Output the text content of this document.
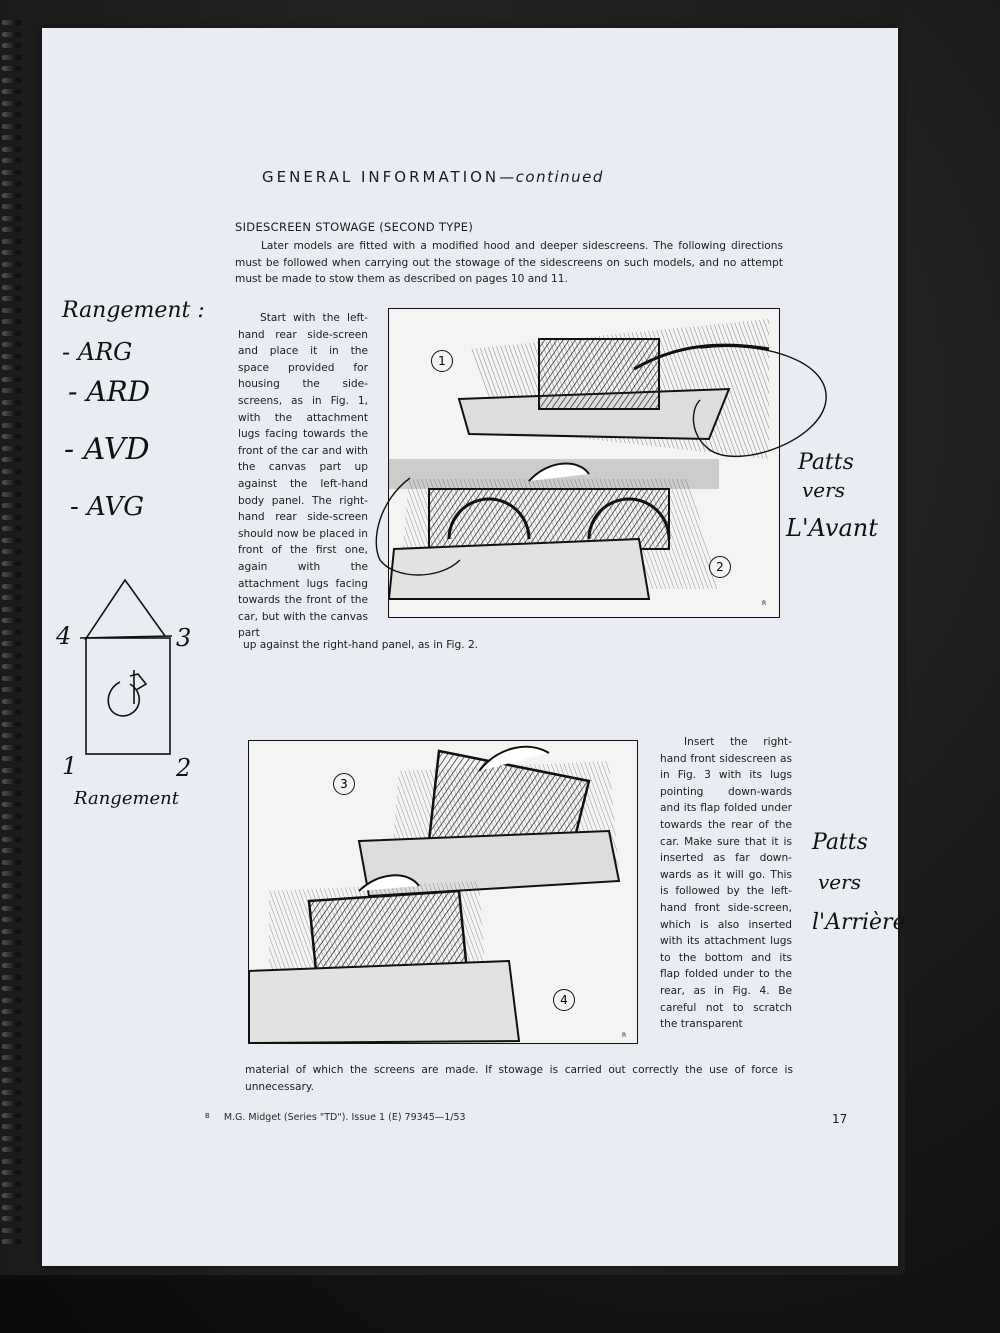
GENERAL INFORMATION—continued
SIDESCREEN STOWAGE (SECOND TYPE)
Later models are fitted with a modified hood and deeper sidescreens. The following directions must be followed when carrying out the stowage of the sidescreens on such models, and no attempt must be made to stow them as described on pages 10 and 11.
Start with the left-hand rear side-screen and place it in the space provided for housing the side-screens, as in Fig. 1, with the attachment lugs facing towards the front of the car and with the canvas part up against the left-hand body panel. The right-hand rear side-screen should now be placed in front of the first one, again with the attachment lugs facing towards the front of the car, but with the canvas part
up against the right-hand panel, as in Fig. 2.
1
2
3
4
R
R
Insert the right-hand front sidescreen as in Fig. 3 with its lugs pointing down-wards and its flap folded under towards the rear of the car. Make sure that it is inserted as far down-wards as it will go. This is followed by the left-hand front side-screen, which is also inserted with its attachment lugs to the bottom and its flap folded under to the rear, as in Fig. 4. Be careful not to scratch the transparent
material of which the screens are made. If stowage is carried out correctly the use of force is unnecessary.
$^B$ M.G. Midget (Series "TD"). Issue 1 (E) 79345—1/53	17
Rangement :
- ARG
- ARD
- AVD
- AVG
4	3
1	2
Rangement
Patts
vers
L'Avant
Patts
vers
l'Arrière
